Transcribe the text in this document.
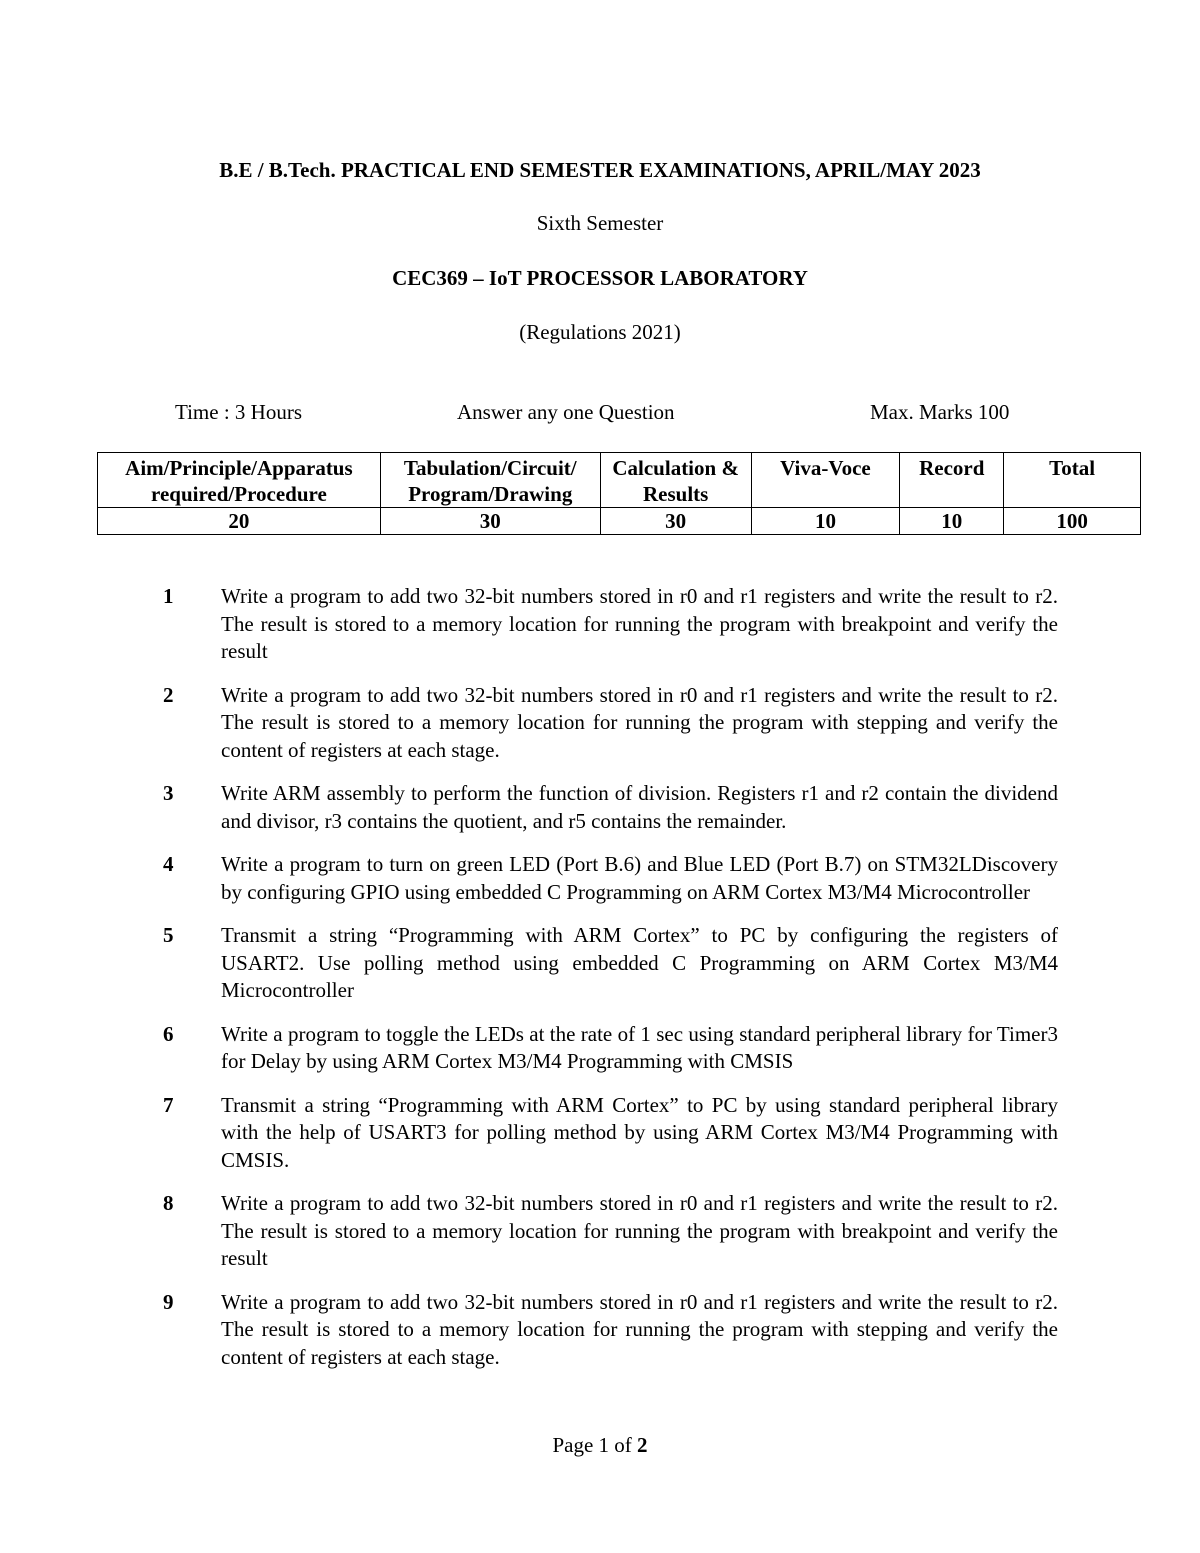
B.E / B.Tech. PRACTICAL END SEMESTER EXAMINATIONS, APRIL/MAY 2023
Sixth Semester
CEC369 – IoT PROCESSOR LABORATORY
(Regulations 2021)
Time : 3 Hours	Answer any one Question	Max. Marks 100
Aim/Principle/Apparatus required/Procedure	Tabulation/Circuit/ Program/Drawing	Calculation & Results	Viva-Voce	Record	Total
20	30	30	10	10	100
1 Write a program to add two 32-bit numbers stored in r0 and r1 registers and write the result to r2. The result is stored to a memory location for running the program with breakpoint and verify the result
2 Write a program to add two 32-bit numbers stored in r0 and r1 registers and write the result to r2. The result is stored to a memory location for running the program with stepping and verify the content of registers at each stage.
3 Write ARM assembly to perform the function of division. Registers r1 and r2 contain the dividend and divisor, r3 contains the quotient, and r5 contains the remainder.
4 Write a program to turn on green LED (Port B.6) and Blue LED (Port B.7) on STM32LDiscovery by configuring GPIO using embedded C Programming on ARM Cortex M3/M4 Microcontroller
5 Transmit a string “Programming with ARM Cortex” to PC by configuring the registers of USART2. Use polling method using embedded C Programming on ARM Cortex M3/M4 Microcontroller
6 Write a program to toggle the LEDs at the rate of 1 sec using standard peripheral library for Timer3 for Delay by using ARM Cortex M3/M4 Programming with CMSIS
7 Transmit a string “Programming with ARM Cortex” to PC by using standard peripheral library with the help of USART3 for polling method by using ARM Cortex M3/M4 Programming with CMSIS.
8 Write a program to add two 32-bit numbers stored in r0 and r1 registers and write the result to r2. The result is stored to a memory location for running the program with breakpoint and verify the result
9 Write a program to add two 32-bit numbers stored in r0 and r1 registers and write the result to r2. The result is stored to a memory location for running the program with stepping and verify the content of registers at each stage.
Page 1 of 2
